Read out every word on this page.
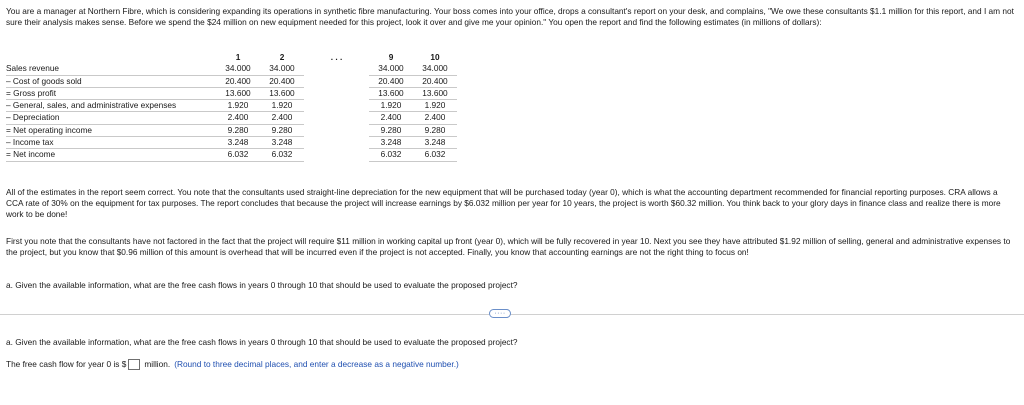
You are a manager at Northern Fibre, which is considering expanding its operations in synthetic fibre manufacturing. Your boss comes into your office, drops a consultant's report on your desk, and complains, "We owe these consultants $1.1 million for this report, and I am not sure their analysis makes sense. Before we spend the $24 million on new equipment needed for this project, look it over and give me your opinion." You open the report and find the following estimates (in millions of dollars):

	1	2	. . .	9	10
Sales revenue	34.000	34.000		34.000	34.000
– Cost of goods sold	20.400	20.400		20.400	20.400
= Gross profit	13.600	13.600		13.600	13.600
– General, sales, and administrative expenses	1.920	1.920		1.920	1.920
– Depreciation	2.400	2.400		2.400	2.400
= Net operating income	9.280	9.280		9.280	9.280
– Income tax	3.248	3.248		3.248	3.248
= Net income	6.032	6.032		6.032	6.032

All of the estimates in the report seem correct. You note that the consultants used straight-line depreciation for the new equipment that will be purchased today (year 0), which is what the accounting department recommended for financial reporting purposes. CRA allows a CCA rate of 30% on the equipment for tax purposes. The report concludes that because the project will increase earnings by $6.032 million per year for 10 years, the project is worth $60.32 million. You think back to your glory days in finance class and realize there is more work to be done!

First you note that the consultants have not factored in the fact that the project will require $11 million in working capital up front (year 0), which will be fully recovered in year 10. Next you see they have attributed $1.92 million of selling, general and administrative expenses to the project, but you know that $0.96 million of this amount is overhead that will be incurred even if the project is not accepted. Finally, you know that accounting earnings are not the right thing to focus on!

a. Given the available information, what are the free cash flows in years 0 through 10 that should be used to evaluate the proposed project?

····

a. Given the available information, what are the free cash flows in years 0 through 10 that should be used to evaluate the proposed project?

The free cash flow for year 0 is $ million. (Round to three decimal places, and enter a decrease as a negative number.)
